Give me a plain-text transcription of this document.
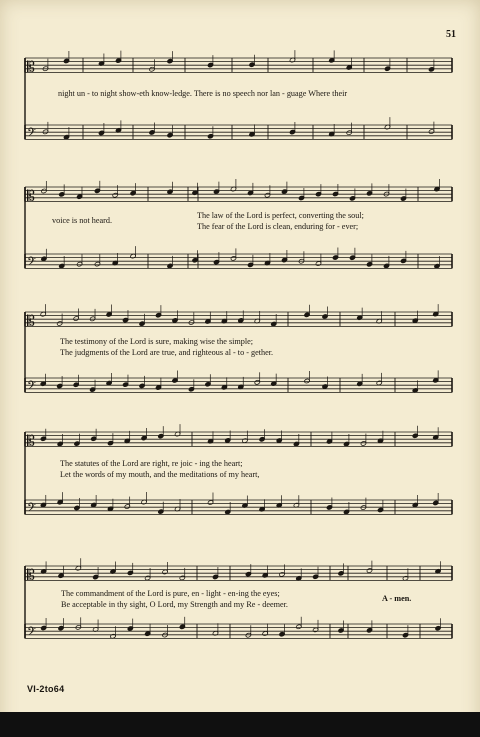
51
𝄡
𝄢
𝄡
𝄢
𝄡
𝄢
𝄡
𝄢
𝄡
𝄢
night un - to night show-eth know-ledge. There is no speech nor lan - guage Where their
voice is not heard.
The law of the Lord is perfect, converting the soul;
The fear of the Lord is clean, enduring for - ever;
The testimony of the Lord is sure, making wise the simple;
The judgments of the Lord are true, and righteous al - to - gether.
The statutes of the Lord are right, re joic - ing the heart;
Let the words of my mouth, and the meditations of my heart,
The commandment of the Lord is pure, en - light - en-ing the eyes;
Be acceptable in thy sight, O Lord, my Strength and my Re - deemer.
A - men.
VI-2to64
